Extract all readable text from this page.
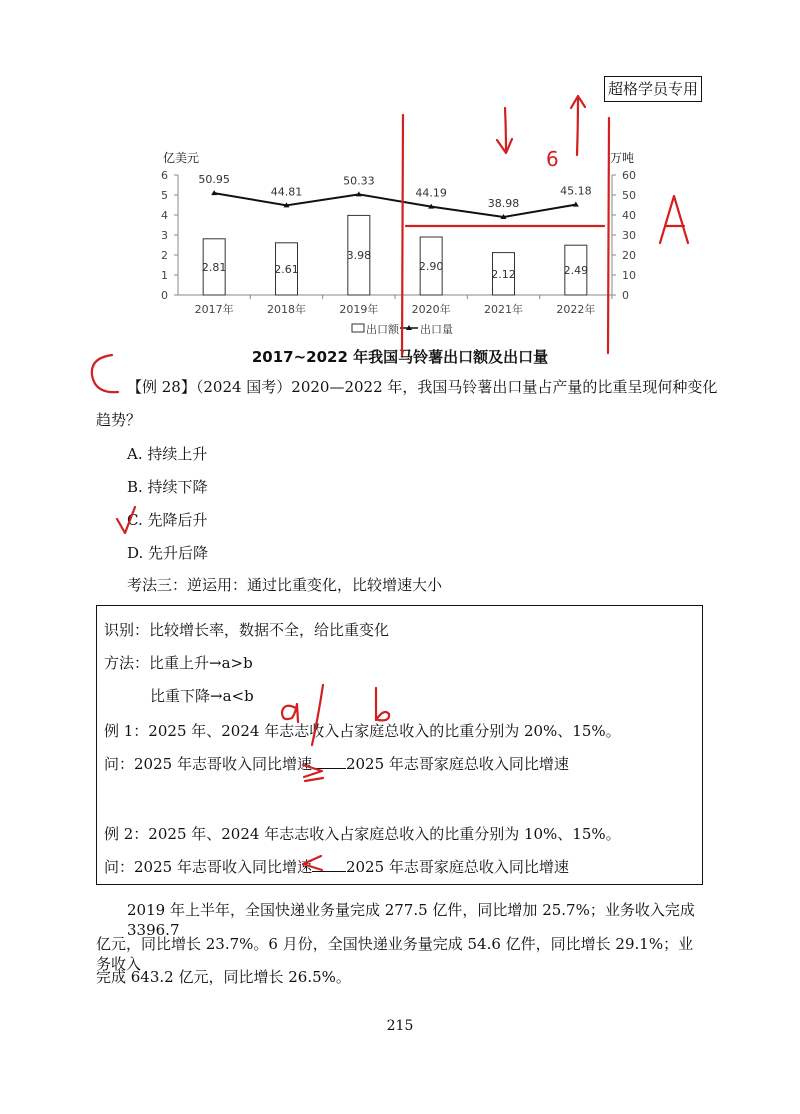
超格学员专用
0
1
2
3
4
5
6
0
10
20
30
40
50
60
亿美元	万吨
2017年	2018年	2019年	2020年	2021年	2022年
2.81	2.61
3.98
2.90
2.12	2.49
50.95
44.81
50.33
44.19
38.98
45.18
出口额 出口量
2017~2022 年我国马铃薯出口额及出口量
【例 28】（2024 国考）2020—2022 年，我国马铃薯出口量占产量的比重呈现何种变化
趋势？
A. 持续上升
B. 持续下降
C. 先降后升
D. 先升后降
考法三：逆运用：通过比重变化，比较增速大小
识别：比较增长率，数据不全，给比重变化
方法：比重上升→a>b
比重下降→a<b
例 1：2025 年、2024 年志志收入占家庭总收入的比重分别为 20%、15%。
问：2025 年志哥收入同比增速 2025 年志哥家庭总收入同比增速
例 2：2025 年、2024 年志志收入占家庭总收入的比重分别为 10%、15%。
问：2025 年志哥收入同比增速 2025 年志哥家庭总收入同比增速
2019 年上半年，全国快递业务量完成 277.5 亿件，同比增加 25.7%；业务收入完成 3396.7
亿元，同比增长 23.7%。6 月份，全国快递业务量完成 54.6 亿件，同比增长 29.1%；业务收入
完成 643.2 亿元，同比增长 26.5%。
215
6
